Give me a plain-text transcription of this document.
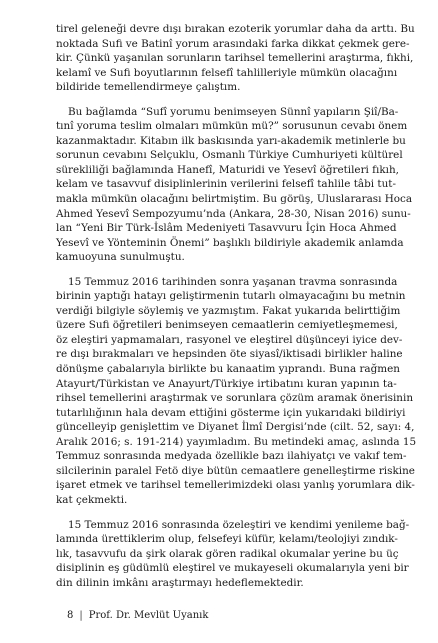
tirel geleneği devre dışı bırakan ezoterik yorumlar daha da arttı. Bu
noktada Sufi ve Batinî yorum arasındaki farka dikkat çekmek gere-
kir. Çünkü yaşanılan sorunların tarihsel temellerini araştırma, fıkhi,
kelamî ve Sufi boyutlarının felsefî tahlilleriyle mümkün olacağını
bildiride temellendirmeye çalıştım.

Bu bağlamda “Sufî yorumu benimseyen Sünnî yapıların Şiî/Ba-
tınî yoruma teslim olmaları mümkün mü?” sorusunun cevabı önem
kazanmaktadır. Kitabın ilk baskısında yarı-akademik metinlerle bu
sorunun cevabını Selçuklu, Osmanlı Türkiye Cumhuriyeti kültürel
sürekliliği bağlamında Hanefî, Maturidi ve Yesevî öğretileri fıkıh,
kelam ve tasavvuf disiplinlerinin verilerini felsefî tahlile tâbi tut-
makla mümkün olacağını belirtmiştim. Bu görüş, Uluslararası Hoca
Ahmed Yesevî Sempozyumu’nda (Ankara, 28-30, Nisan 2016) sunu-
lan “Yeni Bir Türk-İslâm Medeniyeti Tasavvuru İçin Hoca Ahmed
Yesevî ve Yönteminin Önemi” başlıklı bildiriyle akademik anlamda
kamuoyuna sunulmuştu.

15 Temmuz 2016 tarihinden sonra yaşanan travma sonrasında
birinin yaptığı hatayı geliştirmenin tutarlı olmayacağını bu metnin
verdiği bilgiyle söylemiş ve yazmıştım. Fakat yukarıda belirttiğim
üzere Sufi öğretileri benimseyen cemaatlerin cemiyetleşmemesi,
öz eleştiri yapmamaları, rasyonel ve eleştirel düşünceyi iyice dev-
re dışı bırakmaları ve hepsinden öte siyasî/iktisadi birlikler haline
dönüşme çabalarıyla birlikte bu kanaatim yıprandı. Buna rağmen
Atayurt/Türkistan ve Anayurt/Türkiye irtibatını kuran yapının ta-
rihsel temellerini araştırmak ve sorunlara çözüm aramak önerisinin
tutarlılığının hala devam ettiğini gösterme için yukarıdaki bildiriyi
güncelleyip genişlettim ve Diyanet İlmî Dergisi’nde (cilt. 52, sayı: 4,
Aralık 2016; s. 191-214) yayımladım. Bu metindeki amaç, aslında 15
Temmuz sonrasında medyada özellikle bazı ilahiyatçı ve vakıf tem-
silcilerinin paralel Fetö diye bütün cemaatlere genelleştirme riskine
işaret etmek ve tarihsel temellerimizdeki olası yanlış yorumlara dik-
kat çekmekti.

15 Temmuz 2016 sonrasında özeleştiri ve kendimi yenileme bağ-
lamında ürettiklerim olup, felsefeyi küfür, kelamı/teolojiyi zındık-
lık, tasavvufu da şirk olarak gören radikal okumalar yerine bu üç
disiplinin eş güdümlü eleştirel ve mukayeseli okumalarıyla yeni bir
din dilinin imkânı araştırmayı hedeflemektedir.

8 | Prof. Dr. Mevlüt Uyanık
